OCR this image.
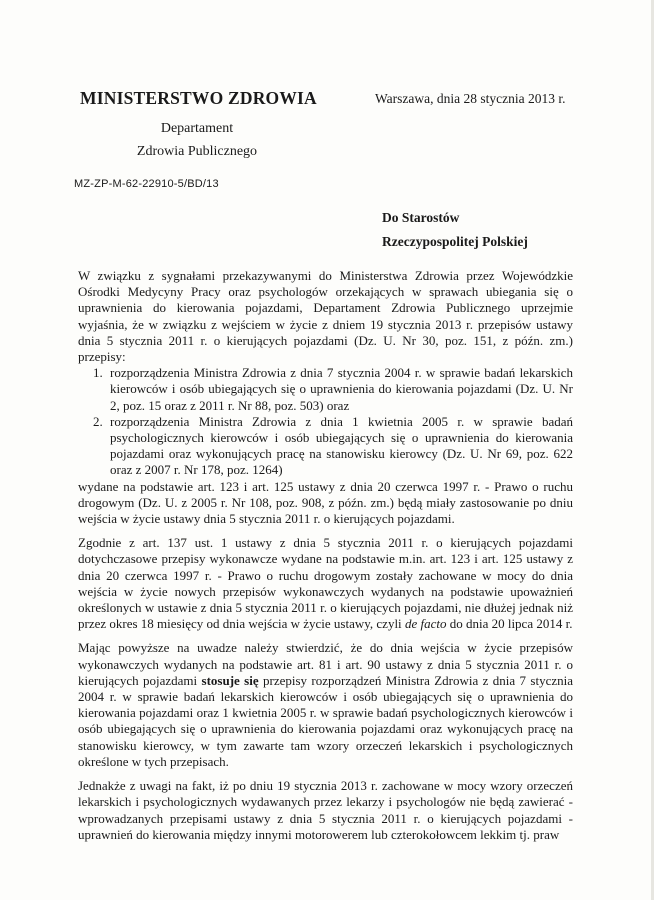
MINISTERSTWO ZDROWIA
Departament
Zdrowia Publicznego
Warszawa, dnia 28 stycznia 2013 r.
MZ-ZP-M-62-22910-5/BD/13
Do Starostów
Rzeczypospolitej Polskiej

W związku z sygnałami przekazywanymi do Ministerstwa Zdrowia przez Wojewódzkie Ośrodki Medycyny Pracy oraz psychologów orzekających w sprawach ubiegania się o uprawnienia do kierowania pojazdami, Departament Zdrowia Publicznego uprzejmie wyjaśnia, że w związku z wejściem w życie z dniem 19 stycznia 2013 r. przepisów ustawy dnia 5 stycznia 2011 r. o kierujących pojazdami (Dz. U. Nr 30, poz. 151, z późn. zm.) przepisy:

1. rozporządzenia Ministra Zdrowia z dnia 7 stycznia 2004 r. w sprawie badań lekarskich kierowców i osób ubiegających się o uprawnienia do kierowania pojazdami (Dz. U. Nr 2, poz. 15 oraz z 2011 r. Nr 88, poz. 503) oraz
2. rozporządzenia Ministra Zdrowia z dnia 1 kwietnia 2005 r. w sprawie badań psychologicznych kierowców i osób ubiegających się o uprawnienia do kierowania pojazdami oraz wykonujących pracę na stanowisku kierowcy (Dz. U. Nr 69, poz. 622 oraz z 2007 r. Nr 178, poz. 1264)

wydane na podstawie art. 123 i art. 125 ustawy z dnia 20 czerwca 1997 r. - Prawo o ruchu drogowym (Dz. U. z 2005 r. Nr 108, poz. 908, z późn. zm.) będą miały zastosowanie po dniu wejścia w życie ustawy dnia 5 stycznia 2011 r. o kierujących pojazdami.

Zgodnie z art. 137 ust. 1 ustawy z dnia 5 stycznia 2011 r. o kierujących pojazdami dotychczasowe przepisy wykonawcze wydane na podstawie m.in. art. 123 i art. 125 ustawy z dnia 20 czerwca 1997 r. - Prawo o ruchu drogowym zostały zachowane w mocy do dnia wejścia w życie nowych przepisów wykonawczych wydanych na podstawie upoważnień określonych w ustawie z dnia 5 stycznia 2011 r. o kierujących pojazdami, nie dłużej jednak niż przez okres 18 miesięcy od dnia wejścia w życie ustawy, czyli de facto do dnia 20 lipca 2014 r.

Mając powyższe na uwadze należy stwierdzić, że do dnia wejścia w życie przepisów wykonawczych wydanych na podstawie art. 81 i art. 90 ustawy z dnia 5 stycznia 2011 r. o kierujących pojazdami stosuje się przepisy rozporządzeń Ministra Zdrowia z dnia 7 stycznia 2004 r. w sprawie badań lekarskich kierowców i osób ubiegających się o uprawnienia do kierowania pojazdami oraz 1 kwietnia 2005 r. w sprawie badań psychologicznych kierowców i osób ubiegających się o uprawnienia do kierowania pojazdami oraz wykonujących pracę na stanowisku kierowcy, w tym zawarte tam wzory orzeczeń lekarskich i psychologicznych określone w tych przepisach.

Jednakże z uwagi na fakt, iż po dniu 19 stycznia 2013 r. zachowane w mocy wzory orzeczeń lekarskich i psychologicznych wydawanych przez lekarzy i psychologów nie będą zawierać - wprowadzanych przepisami ustawy z dnia 5 stycznia 2011 r. o kierujących pojazdami - uprawnień do kierowania między innymi motorowerem lub czterokołowcem lekkim tj. praw
